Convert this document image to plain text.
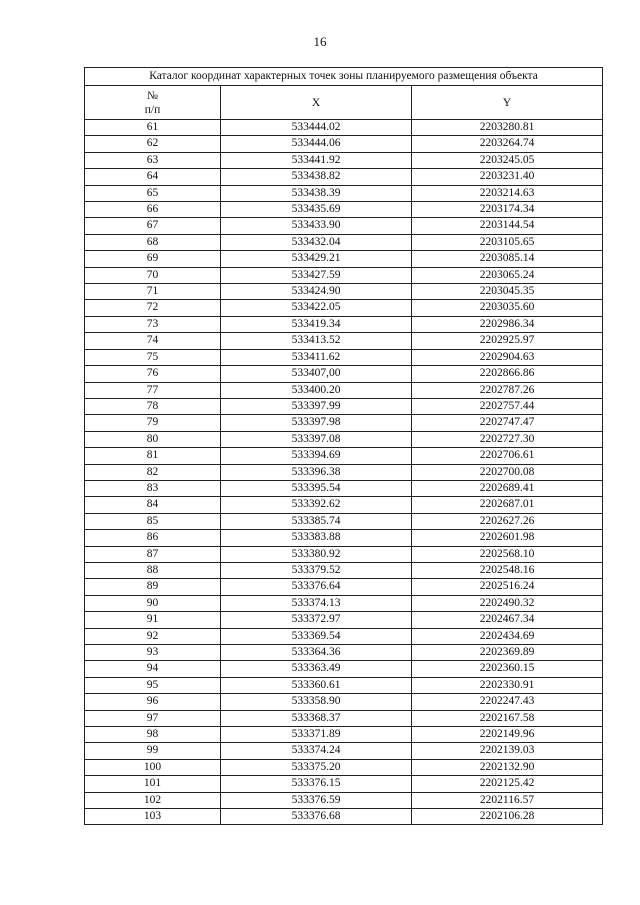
16
Каталог координат характерных точек зоны планируемого размещения объекта		
№
п/п	X	Y
61	533444.02	2203280.81
62	533444.06	2203264.74
63	533441.92	2203245.05
64	533438.82	2203231.40
65	533438.39	2203214.63
66	533435.69	2203174.34
67	533433.90	2203144.54
68	533432.04	2203105.65
69	533429.21	2203085.14
70	533427.59	2203065.24
71	533424.90	2203045.35
72	533422.05	2203035.60
73	533419.34	2202986.34
74	533413.52	2202925.97
75	533411.62	2202904.63
76	533407,00	2202866.86
77	533400.20	2202787.26
78	533397.99	2202757.44
79	533397.98	2202747.47
80	533397.08	2202727.30
81	533394.69	2202706.61
82	533396.38	2202700.08
83	533395.54	2202689.41
84	533392.62	2202687.01
85	533385.74	2202627.26
86	533383.88	2202601.98
87	533380.92	2202568.10
88	533379.52	2202548.16
89	533376.64	2202516.24
90	533374.13	2202490.32
91	533372.97	2202467.34
92	533369.54	2202434.69
93	533364.36	2202369.89
94	533363.49	2202360.15
95	533360.61	2202330.91
96	533358.90	2202247.43
97	533368.37	2202167.58
98	533371.89	2202149.96
99	533374.24	2202139.03
100	533375.20	2202132.90
101	533376.15	2202125.42
102	533376.59	2202116.57
103	533376.68	2202106.28
